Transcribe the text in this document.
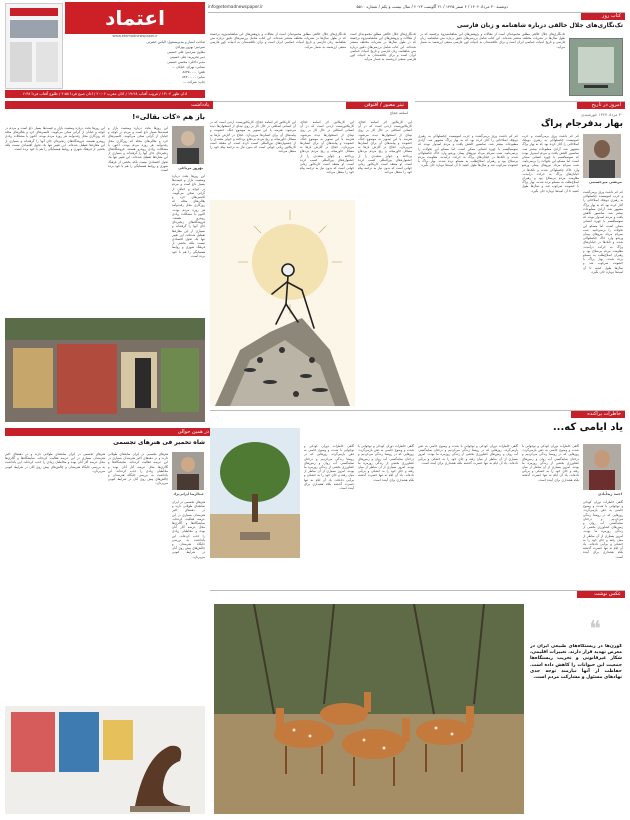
دوشنبه ۳۰ مرداد ۱۴۰۲ / ۴ صفر ۱۴۴۵ / ۲۱ آگوست ۲۰۲۳ / سال بیست و یکم / شماره ۵۵۱۰
info@etemadnewspaper.ir
اعتماد
www.etemadnewspaper.ir
صاحب امتیاز و مدیرمسئول: الیاس حضرتی
سردبیر: بهروز بهزادی
معاون سردبیر: علی حسینی
دبیر تحریریه: علی حسینی
مدیر داخلی: محسن حسینی
نشانی: تهران، خیابان ...
تلفن: ۸۸۳۵۰۰۰۰
نمابر: ۸۸۳۰۰۰۰۰
چاپ: شرکت ...
اذان ظهر ۱۳:۰۴ / غروب آفتاب ۱۹:۴۸ / اذان مغرب ۲۰:۰۶ / اذان صبح فردا ۴:۵۸ / طلوع آفتاب فردا ۶:۳۸
کتاب روز
تک‌نگاری‌های جلال خالقی درباره شاهنامه و زبان فارسی
تک‌نگاری‌های جلال خالقی مطلق مجموعه‌ای است از مقالات و پژوهش‌های این شاهنامه‌پژوه برجسته که در طول سال‌ها در نشریات مختلف منتشر شده‌اند. این کتاب شامل بررسی‌های دقیق درباره متن شاهنامه، زبان فارسی و تاریخ ادبیات حماسی ایران است و برای علاقه‌مندان به ادبیات کهن فارسی منبعی ارزشمند به شمار می‌آید.
تک‌نگاری‌های جلال خالقی مطلق مجموعه‌ای است از مقالات و پژوهش‌های این شاهنامه‌پژوه برجسته که در طول سال‌ها در نشریات مختلف منتشر شده‌اند. این کتاب شامل بررسی‌های دقیق درباره متن شاهنامه، زبان فارسی و تاریخ ادبیات حماسی ایران است و برای علاقه‌مندان به ادبیات کهن فارسی منبعی ارزشمند به شمار می‌آید.
تک‌نگاری‌های جلال خالقی مطلق مجموعه‌ای است از مقالات و پژوهش‌های این شاهنامه‌پژوه برجسته که در طول سال‌ها در نشریات مختلف منتشر شده‌اند. این کتاب شامل بررسی‌های دقیق درباره متن شاهنامه، زبان فارسی و تاریخ ادبیات حماسی ایران است و برای علاقه‌مندان به ادبیات کهن فارسی منبعی ارزشمند به شمار می‌آید.
امروز در تاریخ
۳۰ مرداد ۱۳۴۷ خورشیدی
بهار بدفرجام پراگ
مرتضی میرحسینی
کم کم داشت ورق برمی‌گشت و حزب کمونیست چکسلواکی به رهبری دوبچک اصلاحاتی را آغاز کرده بود که به بهار پراگ مشهور شد. آزادی مطبوعات بیشتر شد، سانسور کاهش یافت و مردم امیدوار بودند که سوسیالیسم با چهره انسانی ممکن است. اما مسکو این تحولات را برنمی‌تابید. شب سی‌ام مرداد نیروهای پیمان ورشو وارد خاک چکسلواکی شدند و تانک‌ها در خیابان‌های پراگ به حرکت درآمدند. مقاومت مردم بی‌سلاح بود و رهبران اصلاح‌طلب به مسکو برده شدند. بهار پراگ با خشونت سرکوب شد و سال‌ها طول کشید تا آن امیدها دوباره جان بگیرد. کم کم داشت ورق برمی‌گشت و حزب کمونیست چکسلواکی به رهبری دوبچک اصلاحاتی را آغاز کرده بود که به بهار پراگ مشهور شد. آزادی مطبوعات بیشتر شد، سانسور کاهش یافت و مردم امیدوار بودند که سوسیالیسم با چهره انسانی ممکن است. اما مسکو این تحولات را برنمی‌تابید. شب سی‌ام مرداد نیروهای پیمان ورشو وارد خاک چکسلواکی شدند و تانک‌ها در خیابان‌های پراگ به حرکت درآمدند. مقاومت مردم بی‌سلاح بود و رهبران اصلاح‌طلب به مسکو برده شدند. بهار پراگ با خشونت سرکوب شد و سال‌ها طول کشید تا آن امیدها دوباره جان بگیرد.
کم کم داشت ورق برمی‌گشت و حزب کمونیست چکسلواکی به رهبری دوبچک اصلاحاتی را آغاز کرده بود که به بهار پراگ مشهور شد. آزادی مطبوعات بیشتر شد، سانسور کاهش یافت و مردم امیدوار بودند که سوسیالیسم با چهره انسانی ممکن است. اما مسکو این تحولات را برنمی‌تابید. شب سی‌ام مرداد نیروهای پیمان ورشو وارد خاک چکسلواکی شدند و تانک‌ها در خیابان‌های پراگ به حرکت درآمدند. مقاومت مردم بی‌سلاح بود و رهبران اصلاح‌طلب به مسکو برده شدند. بهار پراگ با خشونت سرکوب شد و سال‌ها طول کشید تا آن امیدها دوباره جان بگیرد.
تیتر مصور / آفتوفن
اسامه حجاج
این کاریکاتور اثر اسامه حجاج، کاریکاتوریست اردنی است که در آن انسانی اسکلتی در حال کار بر روی تپه‌ای از استخوان‌ها دیده می‌شود. هنرمند با این تصویر به موضوع جنگ، خشونت و پیامدهای آن برای انسان‌ها می‌پردازد. حجاج در آثارش بارها به مسائل خاورمیانه و رنج مردم بی‌دفاع پرداخته و جوایز متعددی را از جشنواره‌های بین‌المللی کسب کرده است. او معتقد است کاریکاتور زبانی جهانی است که بدون نیاز به ترجمه پیام خود را منتقل می‌کند.
این کاریکاتور اثر اسامه حجاج، کاریکاتوریست اردنی است که در آن انسانی اسکلتی در حال کار بر روی تپه‌ای از استخوان‌ها دیده می‌شود. هنرمند با این تصویر به موضوع جنگ، خشونت و پیامدهای آن برای انسان‌ها می‌پردازد. حجاج در آثارش بارها به مسائل خاورمیانه و رنج مردم بی‌دفاع پرداخته و جوایز متعددی را از جشنواره‌های بین‌المللی کسب کرده است. او معتقد است کاریکاتور زبانی جهانی است که بدون نیاز به ترجمه پیام خود را منتقل می‌کند.
این کاریکاتور اثر اسامه حجاج، کاریکاتوریست اردنی است که در آن انسانی اسکلتی در حال کار بر روی تپه‌ای از استخوان‌ها دیده می‌شود. هنرمند با این تصویر به موضوع جنگ، خشونت و پیامدهای آن برای انسان‌ها می‌پردازد. حجاج در آثارش بارها به مسائل خاورمیانه و رنج مردم بی‌دفاع پرداخته و جوایز متعددی را از جشنواره‌های بین‌المللی کسب کرده است. او معتقد است کاریکاتور زبانی جهانی است که بدون نیاز به ترجمه پیام خود را منتقل می‌کند.
یادداشت
باز هم «کات بقالی»!
بهروز مرباغی
این روزها بحث درباره وضعیت بازار و قیمت‌ها بسیار داغ است و مردم در کوچه و خیابان از گرانی سخن می‌گویند. کاسبی‌های خرد و بقالی‌های محله که روزگاری محل رفت‌وآمد هر روزه مردم بودند، اکنون با مشکلات زیادی روبه‌رو هستند. فروشگاه‌های زنجیره‌ای جای آنها را گرفته‌اند و بسیاری از این مغازه‌ها تعطیل شده‌اند. این تغییر تنها یک تحول اقتصادی نیست بلکه بخشی از فرهنگ شهری و روابط همسایگی را هم با خود برده است.
این روزها بحث درباره وضعیت بازار و قیمت‌ها بسیار داغ است و مردم در کوچه و خیابان از گرانی سخن می‌گویند. کاسبی‌های خرد و بقالی‌های محله که روزگاری محل رفت‌وآمد هر روزه مردم بودند، اکنون با مشکلات زیادی روبه‌رو هستند. فروشگاه‌های زنجیره‌ای جای آنها را گرفته‌اند و بسیاری از این مغازه‌ها تعطیل شده‌اند. این تغییر تنها یک تحول اقتصادی نیست بلکه بخشی از فرهنگ شهری و روابط همسایگی را هم با خود برده است.
این روزها بحث درباره وضعیت بازار و قیمت‌ها بسیار داغ است و مردم در کوچه و خیابان از گرانی سخن می‌گویند. کاسبی‌های خرد و بقالی‌های محله که روزگاری محل رفت‌وآمد هر روزه مردم بودند، اکنون با مشکلات زیادی روبه‌رو هستند. فروشگاه‌های زنجیره‌ای جای آنها را گرفته‌اند و بسیاری از این مغازه‌ها تعطیل شده‌اند. این تغییر تنها یک تحول اقتصادی نیست بلکه بخشی از فرهنگ شهری و روابط همسایگی را هم با خود برده است.
در همین حوالی
شاه تخمیر فی هنرهای تجسمی
عبدالرضا ایرانی‌نژاد
هنرهای تجسمی در ایران سابقه‌ای طولانی دارند و در دهه‌های اخیر هنرمندان بسیاری در این عرصه فعالیت کرده‌اند. نمایشگاه‌ها و گالری‌ها محل عرضه آثار آنان بوده و مخاطبان زیادی را جذب کرده‌اند. این یادداشت به بررسی جایگاه هنرمندان و چالش‌های پیش روی آنان در شرایط کنونی می‌پردازد.
هنرهای تجسمی در ایران سابقه‌ای طولانی دارند و در دهه‌های اخیر هنرمندان بسیاری در این عرصه فعالیت کرده‌اند. نمایشگاه‌ها و گالری‌ها محل عرضه آثار آنان بوده و مخاطبان زیادی را جذب کرده‌اند. این یادداشت به بررسی جایگاه هنرمندان و چالش‌های پیش روی آنان در شرایط کنونی می‌پردازد.
هنرهای تجسمی در ایران سابقه‌ای طولانی دارند و در دهه‌های اخیر هنرمندان بسیاری در این عرصه فعالیت کرده‌اند. نمایشگاه‌ها و گالری‌ها محل عرضه آثار آنان بوده و مخاطبان زیادی را جذب کرده‌اند. این یادداشت به بررسی جایگاه هنرمندان و چالش‌های پیش روی آنان در شرایط کنونی می‌پردازد.
خاطرات پراکنده
یاد ایامی که...
احمد زیدآبادی
گاهی خاطرات دوران کودکی و نوجوانی با شدت و وضوح خاصی به ذهن بازمی‌گردد. روزهایی که در روستا زندگی می‌کردیم و درختان سایه‌گستر، آب روان و زمین‌های کشاورزی بخشی از زندگی روزمره ما بودند. امروز بسیاری از آن مناظر از میان رفته و جای خود را به خشکی و بی‌آبی داده‌اند. یاد آن ایام نه تنها حسرت گذشته بلکه هشداری برای آینده است.
گاهی خاطرات دوران کودکی و نوجوانی با شدت و وضوح خاصی به ذهن بازمی‌گردد. روزهایی که در روستا زندگی می‌کردیم و درختان سایه‌گستر، آب روان و زمین‌های کشاورزی بخشی از زندگی روزمره ما بودند. امروز بسیاری از آن مناظر از میان رفته و جای خود را به خشکی و بی‌آبی داده‌اند. یاد آن ایام نه تنها حسرت گذشته بلکه هشداری برای آینده است.
گاهی خاطرات دوران کودکی و نوجوانی با شدت و وضوح خاصی به ذهن بازمی‌گردد. روزهایی که در روستا زندگی می‌کردیم و درختان سایه‌گستر، آب روان و زمین‌های کشاورزی بخشی از زندگی روزمره ما بودند. امروز بسیاری از آن مناظر از میان رفته و جای خود را به خشکی و بی‌آبی داده‌اند. یاد آن ایام نه تنها حسرت گذشته بلکه هشداری برای آینده است.
گاهی خاطرات دوران کودکی و نوجوانی با شدت و وضوح خاصی به ذهن بازمی‌گردد. روزهایی که در روستا زندگی می‌کردیم و درختان سایه‌گستر، آب روان و زمین‌های کشاورزی بخشی از زندگی روزمره ما بودند. امروز بسیاری از آن مناظر از میان رفته و جای خود را به خشکی و بی‌آبی داده‌اند. یاد آن ایام نه تنها حسرت گذشته بلکه هشداری برای آینده است.
گاهی خاطرات دوران کودکی و نوجوانی با شدت و وضوح خاصی به ذهن بازمی‌گردد. روزهایی که در روستا زندگی می‌کردیم و درختان سایه‌گستر، آب روان و زمین‌های کشاورزی بخشی از زندگی روزمره ما بودند. امروز بسیاری از آن مناظر از میان رفته و جای خود را به خشکی و بی‌آبی داده‌اند. یاد آن ایام نه تنها حسرت گذشته بلکه هشداری برای آینده است.
عکس نوشت
❝
گوزن‌ها در زیستگاه‌های طبیعی ایران در معرض تهدید قرار دارند. تغییرات اقلیمی، شکار غیرقانونی و تخریب زیستگاه‌ها جمعیت این حیوانات را کاهش داده است. حفاظت از آنها نیازمند توجه جدی نهادهای مسئول و مشارکت مردم است.
